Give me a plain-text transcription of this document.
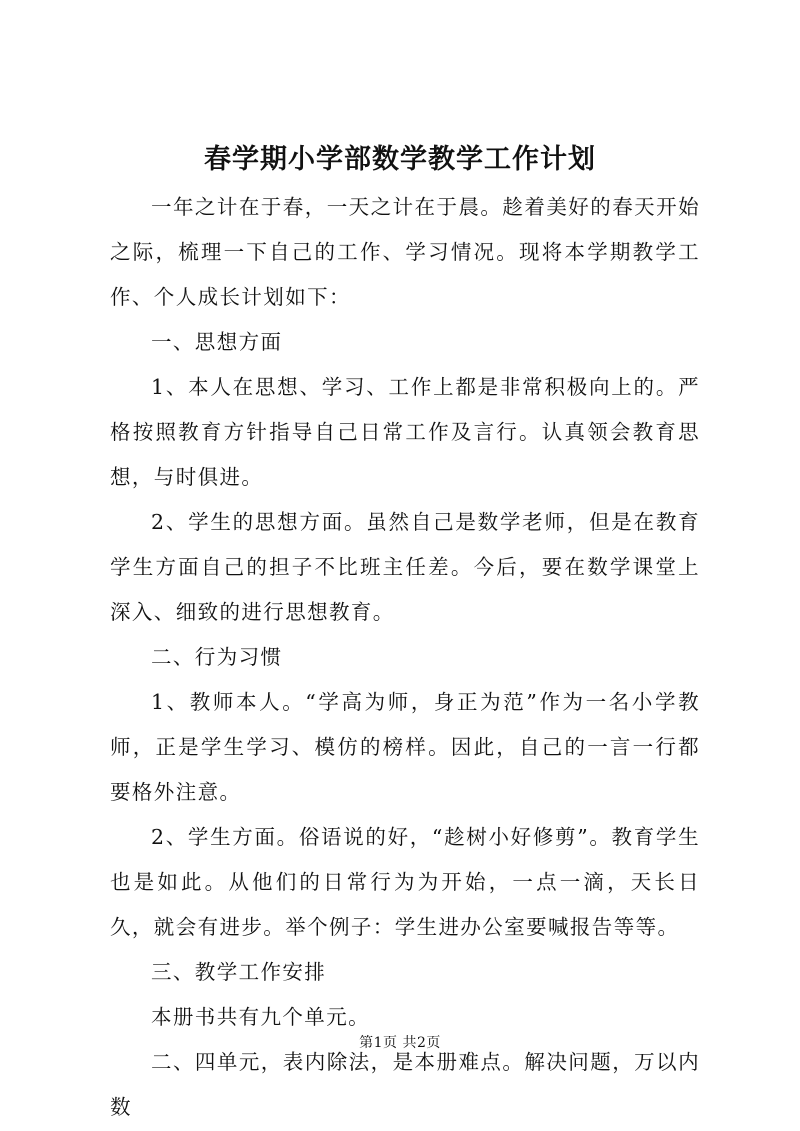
春学期小学部数学教学工作计划

一年之计在于春，一天之计在于晨。趁着美好的春天开始之际，梳理一下自己的工作、学习情况。现将本学期教学工作、个人成长计划如下：

一、思想方面

1、本人在思想、学习、工作上都是非常积极向上的。严格按照教育方针指导自己日常工作及言行。认真领会教育思想，与时俱进。

2、学生的思想方面。虽然自己是数学老师，但是在教育学生方面自己的担子不比班主任差。今后，要在数学课堂上深入、细致的进行思想教育。

二、行为习惯

1、教师本人。“学高为师，身正为范”作为一名小学教师，正是学生学习、模仿的榜样。因此，自己的一言一行都要格外注意。

2、学生方面。俗语说的好，“趁树小好修剪”。教育学生也是如此。从他们的日常行为为开始，一点一滴，天长日久，就会有进步。举个例子：学生进办公室要喊报告等等。

三、教学工作安排

本册书共有九个单元。

二、四单元，表内除法，是本册难点。解决问题，万以内数

第1页 共2页
